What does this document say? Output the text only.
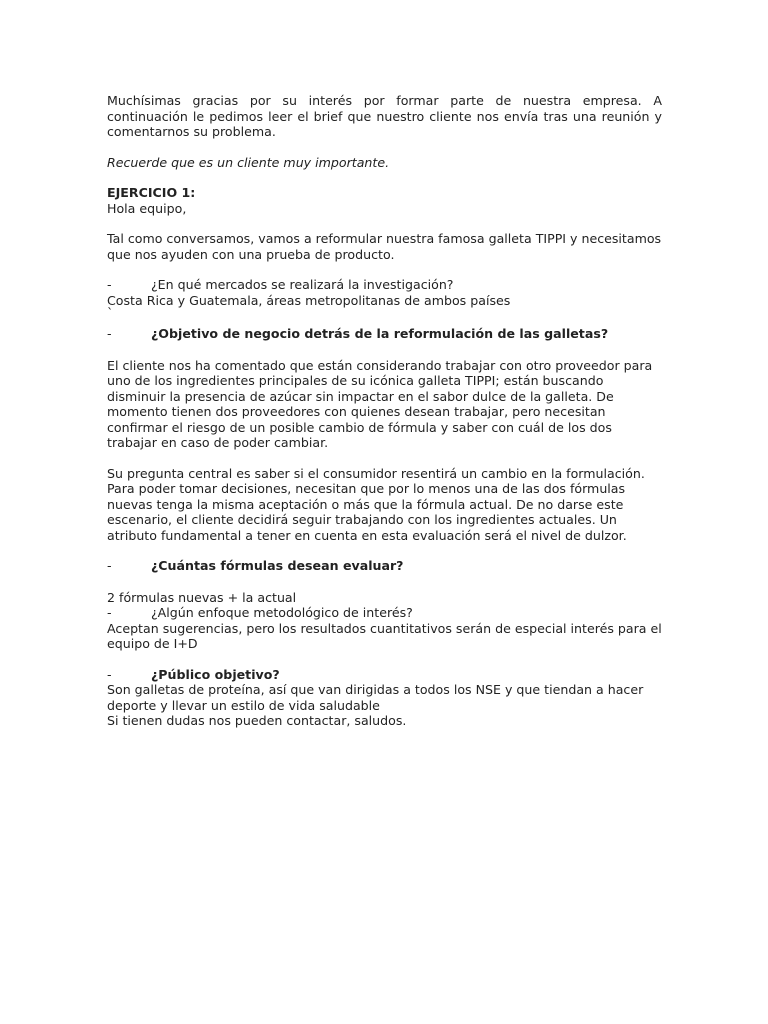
Muchísimas gracias por su interés por formar parte de nuestra empresa. A continuación le pedimos leer el brief que nuestro cliente nos envía tras una reunión y comentarnos su problema.

Recuerde que es un cliente muy importante.

EJERCICIO 1:

Hola equipo,

Tal como conversamos, vamos a reformular nuestra famosa galleta TIPPI y necesitamos que nos ayuden con una prueba de producto.

-	¿En qué mercados se realizará la investigación?

Costa Rica y Guatemala, áreas metropolitanas de ambos países

`

-	¿Objetivo de negocio detrás de la reformulación de las galletas?
El cliente nos ha comentado que están considerando trabajar con otro proveedor para
uno de los ingredientes principales de su icónica galleta TIPPI; están buscando
disminuir la presencia de azúcar sin impactar en el sabor dulce de la galleta. De
momento tienen dos proveedores con quienes desean trabajar, pero necesitan
confirmar el riesgo de un posible cambio de fórmula y saber con cuál de los dos
trabajar en caso de poder cambiar.
Su pregunta central es saber si el consumidor resentirá un cambio en la formulación.
Para poder tomar decisiones, necesitan que por lo menos una de las dos fórmulas
nuevas tenga la misma aceptación o más que la fórmula actual. De no darse este
escenario, el cliente decidirá seguir trabajando con los ingredientes actuales. Un
atributo fundamental a tener en cuenta en esta evaluación será el nivel de dulzor.
-	¿Cuántas fórmulas desean evaluar?

2 fórmulas nuevas + la actual

-	¿Algún enfoque metodológico de interés?
Aceptan sugerencias, pero los resultados cuantitativos serán de especial interés para el
equipo de I+D
-	¿Público objetivo?
Son galletas de proteína, así que van dirigidas a todos los NSE y que tiendan a hacer
deporte y llevar un estilo de vida saludable

Si tienen dudas nos pueden contactar, saludos.
